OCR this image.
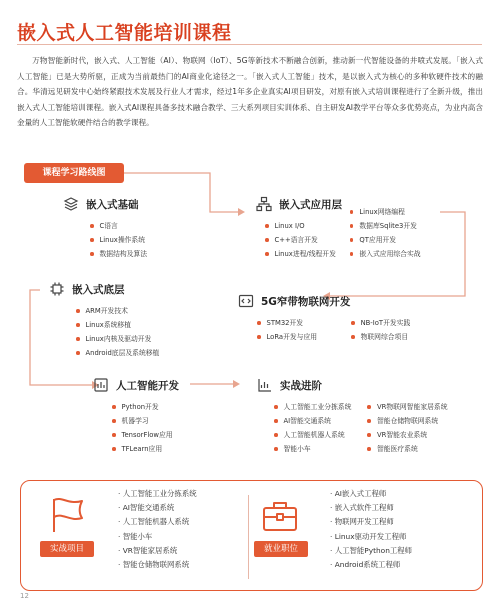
嵌入式人工智能培训课程
万物智能新时代，嵌入式、人工智能（AI）、物联网（IoT）、5G等新技术不断融合创新，推动新一代智能设备的井喷式发展。「嵌入式人工智能」已是大势所驱，正成为当前最热门的AI商业化途径之一。「嵌入式人工智能」技术，是以嵌入式为核心的多种软硬件技术的融合。华清远见研发中心始终紧跟技术发展及行业人才需求，经过1年多企业真实AI项目研发，对原有嵌入式培训课程进行了全新升级，推出嵌入式人工智能培训课程。嵌入式AI课程具备多技术融合教学、三大系列项目实训体系、自主研发AI教学平台等众多优势亮点，为业内高含金量的人工智能软硬件结合的教学课程。
课程学习路线图
嵌入式基础
C语言
Linux操作系统
数据结构及算法
嵌入式应用层
Linux I/O
C++语言开发
Linux进程/线程开发
Linux网络编程
数据库Sqlite3开发
QT应用开发
嵌入式应用综合实战
嵌入式底层
ARM开发技术
Linux系统移植
Linux内核及驱动开发
Android底层及系统移植
5G窄带物联网开发
STM32开发
LoRa开发与应用
NB-IoT开发实践
物联网综合项目
人工智能开发
Python开发
机器学习
TensorFlow应用
TFLearn应用
实战进阶
人工智能工业分拣系统
AI智能交通系统
人工智能机器人系统
智能小车
VR物联网智能家居系统
智能仓储物联网系统
VR智能农业系统
智能医疗系统
实战项目
· 人工智能工业分拣系统
· AI智能交通系统
· 人工智能机器人系统
· 智能小车
· VR智能家居系统
· 智能仓储物联网系统
就业职位
· AI嵌入式工程师
· 嵌入式软件工程师
· 物联网开发工程师
· Linux驱动开发工程师
· 人工智能Python工程师
· Android系统工程师
12
